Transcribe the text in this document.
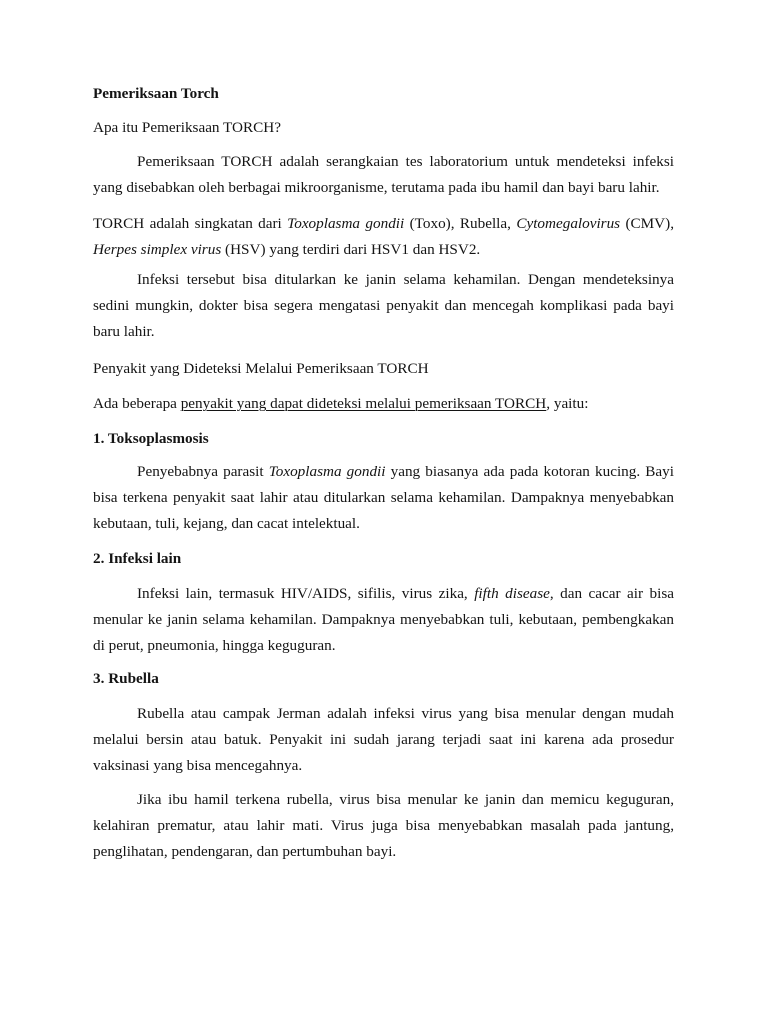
Pemeriksaan Torch
Apa itu Pemeriksaan TORCH?
Pemeriksaan TORCH adalah serangkaian tes laboratorium untuk mendeteksi infeksi
yang disebabkan oleh berbagai mikroorganisme, terutama pada ibu hamil dan bayi baru lahir.
TORCH adalah singkatan dari Toxoplasma gondii (Toxo), Rubella, Cytomegalovirus (CMV),
Herpes simplex virus (HSV) yang terdiri dari HSV1 dan HSV2.
Infeksi tersebut bisa ditularkan ke janin selama kehamilan. Dengan mendeteksinya
sedini mungkin, dokter bisa segera mengatasi penyakit dan mencegah komplikasi pada bayi
baru lahir.
Penyakit yang Dideteksi Melalui Pemeriksaan TORCH
Ada beberapa penyakit yang dapat dideteksi melalui pemeriksaan TORCH, yaitu:
1. Toksoplasmosis
Penyebabnya parasit Toxoplasma gondii yang biasanya ada pada kotoran kucing. Bayi
bisa terkena penyakit saat lahir atau ditularkan selama kehamilan. Dampaknya menyebabkan
kebutaan, tuli, kejang, dan cacat intelektual.
2. Infeksi lain
Infeksi lain, termasuk HIV/AIDS, sifilis, virus zika, fifth disease, dan cacar air bisa
menular ke janin selama kehamilan. Dampaknya menyebabkan tuli, kebutaan, pembengkakan
di perut, pneumonia, hingga keguguran.
3. Rubella
Rubella atau campak Jerman adalah infeksi virus yang bisa menular dengan mudah
melalui bersin atau batuk. Penyakit ini sudah jarang terjadi saat ini karena ada prosedur
vaksinasi yang bisa mencegahnya.
Jika ibu hamil terkena rubella, virus bisa menular ke janin dan memicu keguguran,
kelahiran prematur, atau lahir mati. Virus juga bisa menyebabkan masalah pada jantung,
penglihatan, pendengaran, dan pertumbuhan bayi.
